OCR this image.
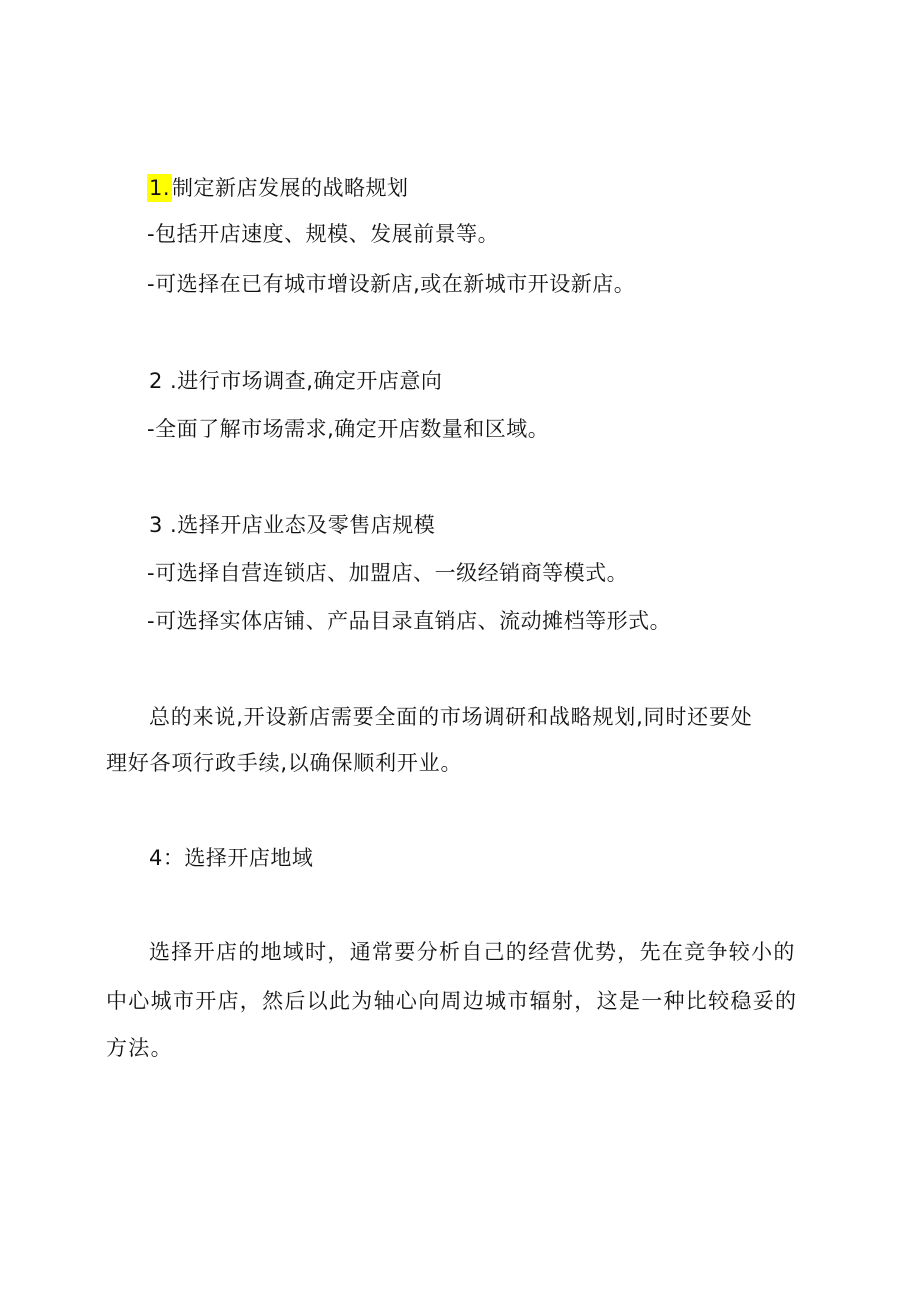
1.制定新店发展的战略规划
-包括开店速度、规模、发展前景等。
-可选择在已有城市增设新店,或在新城市开设新店。
2 .进行市场调查,确定开店意向
-全面了解市场需求,确定开店数量和区域。
3 .选择开店业态及零售店规模
-可选择自营连锁店、加盟店、一级经销商等模式。
-可选择实体店铺、产品目录直销店、流动摊档等形式。
总的来说,开设新店需要全面的市场调研和战略规划,同时还要处
理好各项行政手续,以确保顺利开业。
4：选择开店地域
选择开店的地域时，通常要分析自己的经营优势，先在竞争较小的
中心城市开店，然后以此为轴心向周边城市辐射，这是一种比较稳妥的
方法。
